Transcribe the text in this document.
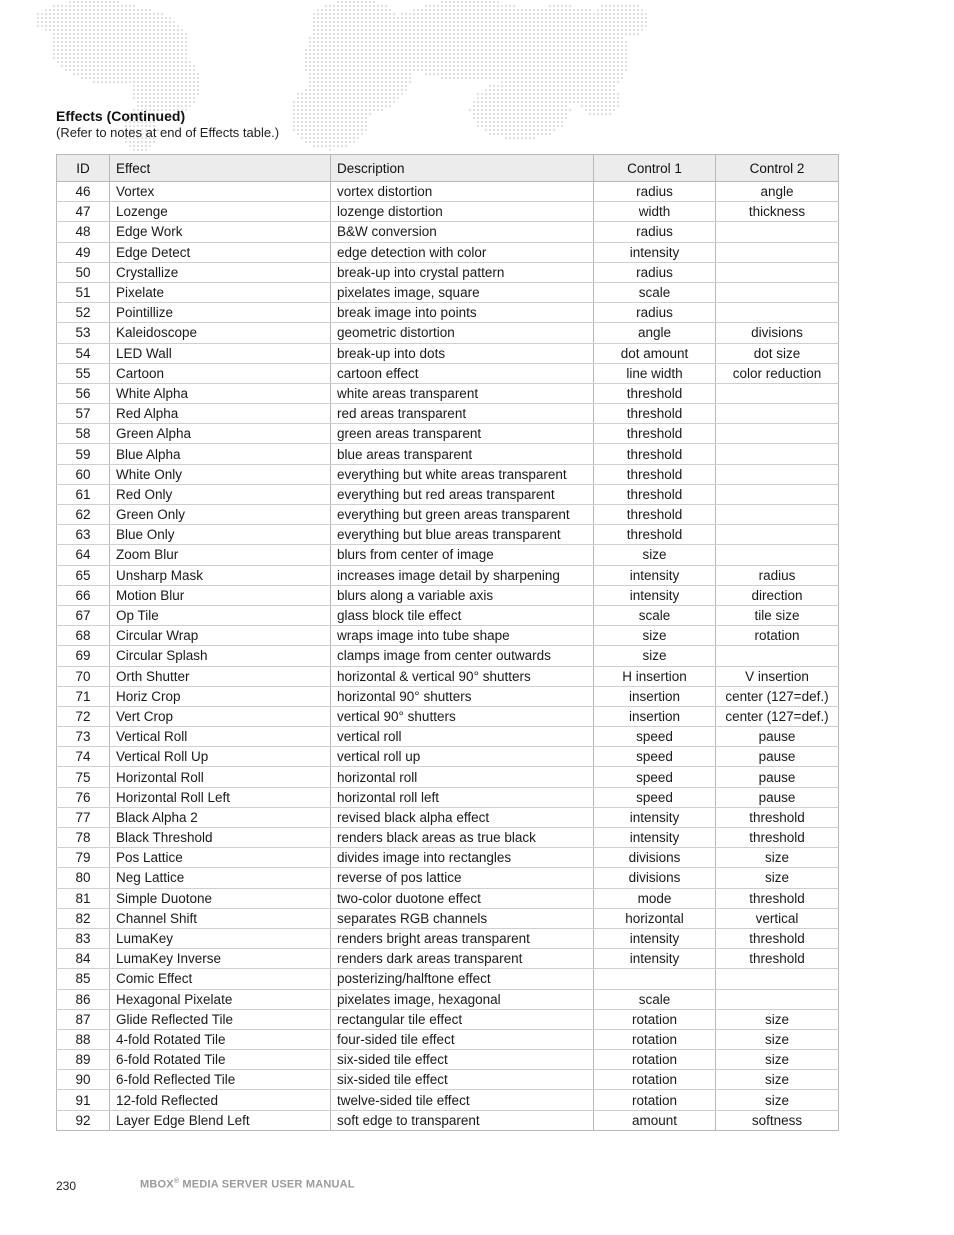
Effects (Continued)
(Refer to notes at end of Effects table.)
ID	Effect	Description	Control 1	Control 2
46	Vortex	vortex distortion	radius	angle
47	Lozenge	lozenge distortion	width	thickness
48	Edge Work	B&W conversion	radius	
49	Edge Detect	edge detection with color	intensity	
50	Crystallize	break-up into crystal pattern	radius	
51	Pixelate	pixelates image, square	scale	
52	Pointillize	break image into points	radius	
53	Kaleidoscope	geometric distortion	angle	divisions
54	LED Wall	break-up into dots	dot amount	dot size
55	Cartoon	cartoon effect	line width	color reduction
56	White Alpha	white areas transparent	threshold	
57	Red Alpha	red areas transparent	threshold	
58	Green Alpha	green areas transparent	threshold	
59	Blue Alpha	blue areas transparent	threshold	
60	White Only	everything but white areas transparent	threshold	
61	Red Only	everything but red areas transparent	threshold	
62	Green Only	everything but green areas transparent	threshold	
63	Blue Only	everything but blue areas transparent	threshold	
64	Zoom Blur	blurs from center of image	size	
65	Unsharp Mask	increases image detail by sharpening	intensity	radius
66	Motion Blur	blurs along a variable axis	intensity	direction
67	Op Tile	glass block tile effect	scale	tile size
68	Circular Wrap	wraps image into tube shape	size	rotation
69	Circular Splash	clamps image from center outwards	size	
70	Orth Shutter	horizontal & vertical 90° shutters	H insertion	V insertion
71	Horiz Crop	horizontal 90° shutters	insertion	center (127=def.)
72	Vert Crop	vertical 90° shutters	insertion	center (127=def.)
73	Vertical Roll	vertical roll	speed	pause
74	Vertical Roll Up	vertical roll up	speed	pause
75	Horizontal Roll	horizontal roll	speed	pause
76	Horizontal Roll Left	horizontal roll left	speed	pause
77	Black Alpha 2	revised black alpha effect	intensity	threshold
78	Black Threshold	renders black areas as true black	intensity	threshold
79	Pos Lattice	divides image into rectangles	divisions	size
80	Neg Lattice	reverse of pos lattice	divisions	size
81	Simple Duotone	two-color duotone effect	mode	threshold
82	Channel Shift	separates RGB channels	horizontal	vertical
83	LumaKey	renders bright areas transparent	intensity	threshold
84	LumaKey Inverse	renders dark areas transparent	intensity	threshold
85	Comic Effect	posterizing/halftone effect		
86	Hexagonal Pixelate	pixelates image, hexagonal	scale	
87	Glide Reflected Tile	rectangular tile effect	rotation	size
88	4-fold Rotated Tile	four-sided tile effect	rotation	size
89	6-fold Rotated Tile	six-sided tile effect	rotation	size
90	6-fold Reflected Tile	six-sided tile effect	rotation	size
91	12-fold Reflected	twelve-sided tile effect	rotation	size
92	Layer Edge Blend Left	soft edge to transparent	amount	softness
230	MBOX® MEDIA SERVER USER MANUAL
